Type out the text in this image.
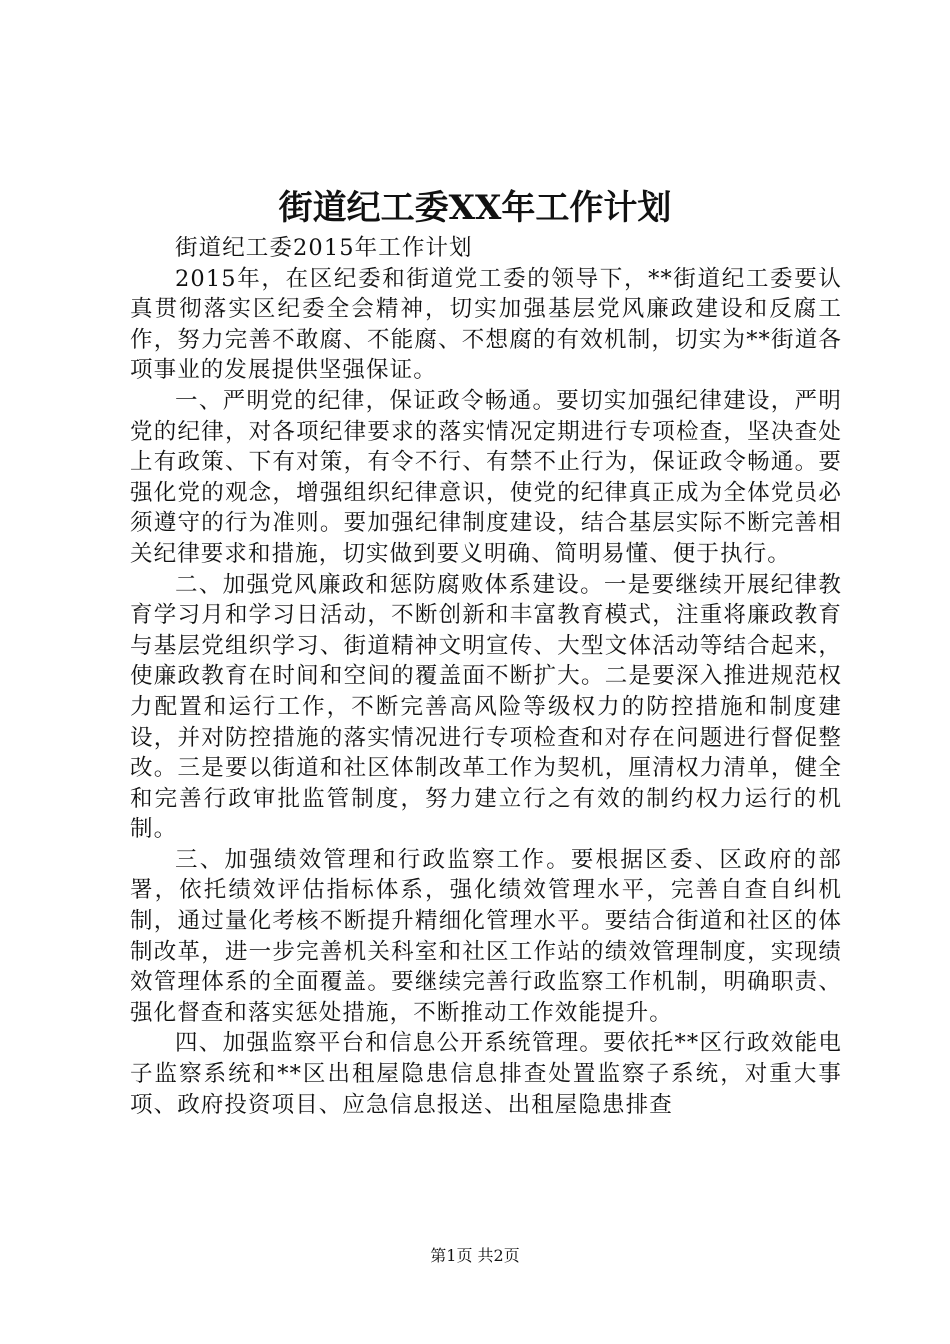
街道纪工委XX年工作计划

街道纪工委2015年工作计划

2015年，在区纪委和街道党工委的领导下，**街道纪工委要认真贯彻落实区纪委全会精神，切实加强基层党风廉政建设和反腐工作，努力完善不敢腐、不能腐、不想腐的有效机制，切实为**街道各项事业的发展提供坚强保证。

一、严明党的纪律，保证政令畅通。要切实加强纪律建设，严明党的纪律，对各项纪律要求的落实情况定期进行专项检查，坚决查处上有政策、下有对策，有令不行、有禁不止行为，保证政令畅通。要强化党的观念，增强组织纪律意识，使党的纪律真正成为全体党员必须遵守的行为准则。要加强纪律制度建设，结合基层实际不断完善相关纪律要求和措施，切实做到要义明确、简明易懂、便于执行。

二、加强党风廉政和惩防腐败体系建设。一是要继续开展纪律教育学习月和学习日活动，不断创新和丰富教育模式，注重将廉政教育与基层党组织学习、街道精神文明宣传、大型文体活动等结合起来，使廉政教育在时间和空间的覆盖面不断扩大。二是要深入推进规范权力配置和运行工作，不断完善高风险等级权力的防控措施和制度建设，并对防控措施的落实情况进行专项检查和对存在问题进行督促整改。三是要以街道和社区体制改革工作为契机，厘清权力清单，健全和完善行政审批监管制度，努力建立行之有效的制约权力运行的机制。

三、加强绩效管理和行政监察工作。要根据区委、区政府的部署，依托绩效评估指标体系，强化绩效管理水平，完善自查自纠机制，通过量化考核不断提升精细化管理水平。要结合街道和社区的体制改革，进一步完善机关科室和社区工作站的绩效管理制度，实现绩效管理体系的全面覆盖。要继续完善行政监察工作机制，明确职责、强化督查和落实惩处措施，不断推动工作效能提升。

四、加强监察平台和信息公开系统管理。要依托**区行政效能电子监察系统和**区出租屋隐患信息排查处置监察子系统，对重大事项、政府投资项目、应急信息报送、出租屋隐患排查

第1页 共2页
